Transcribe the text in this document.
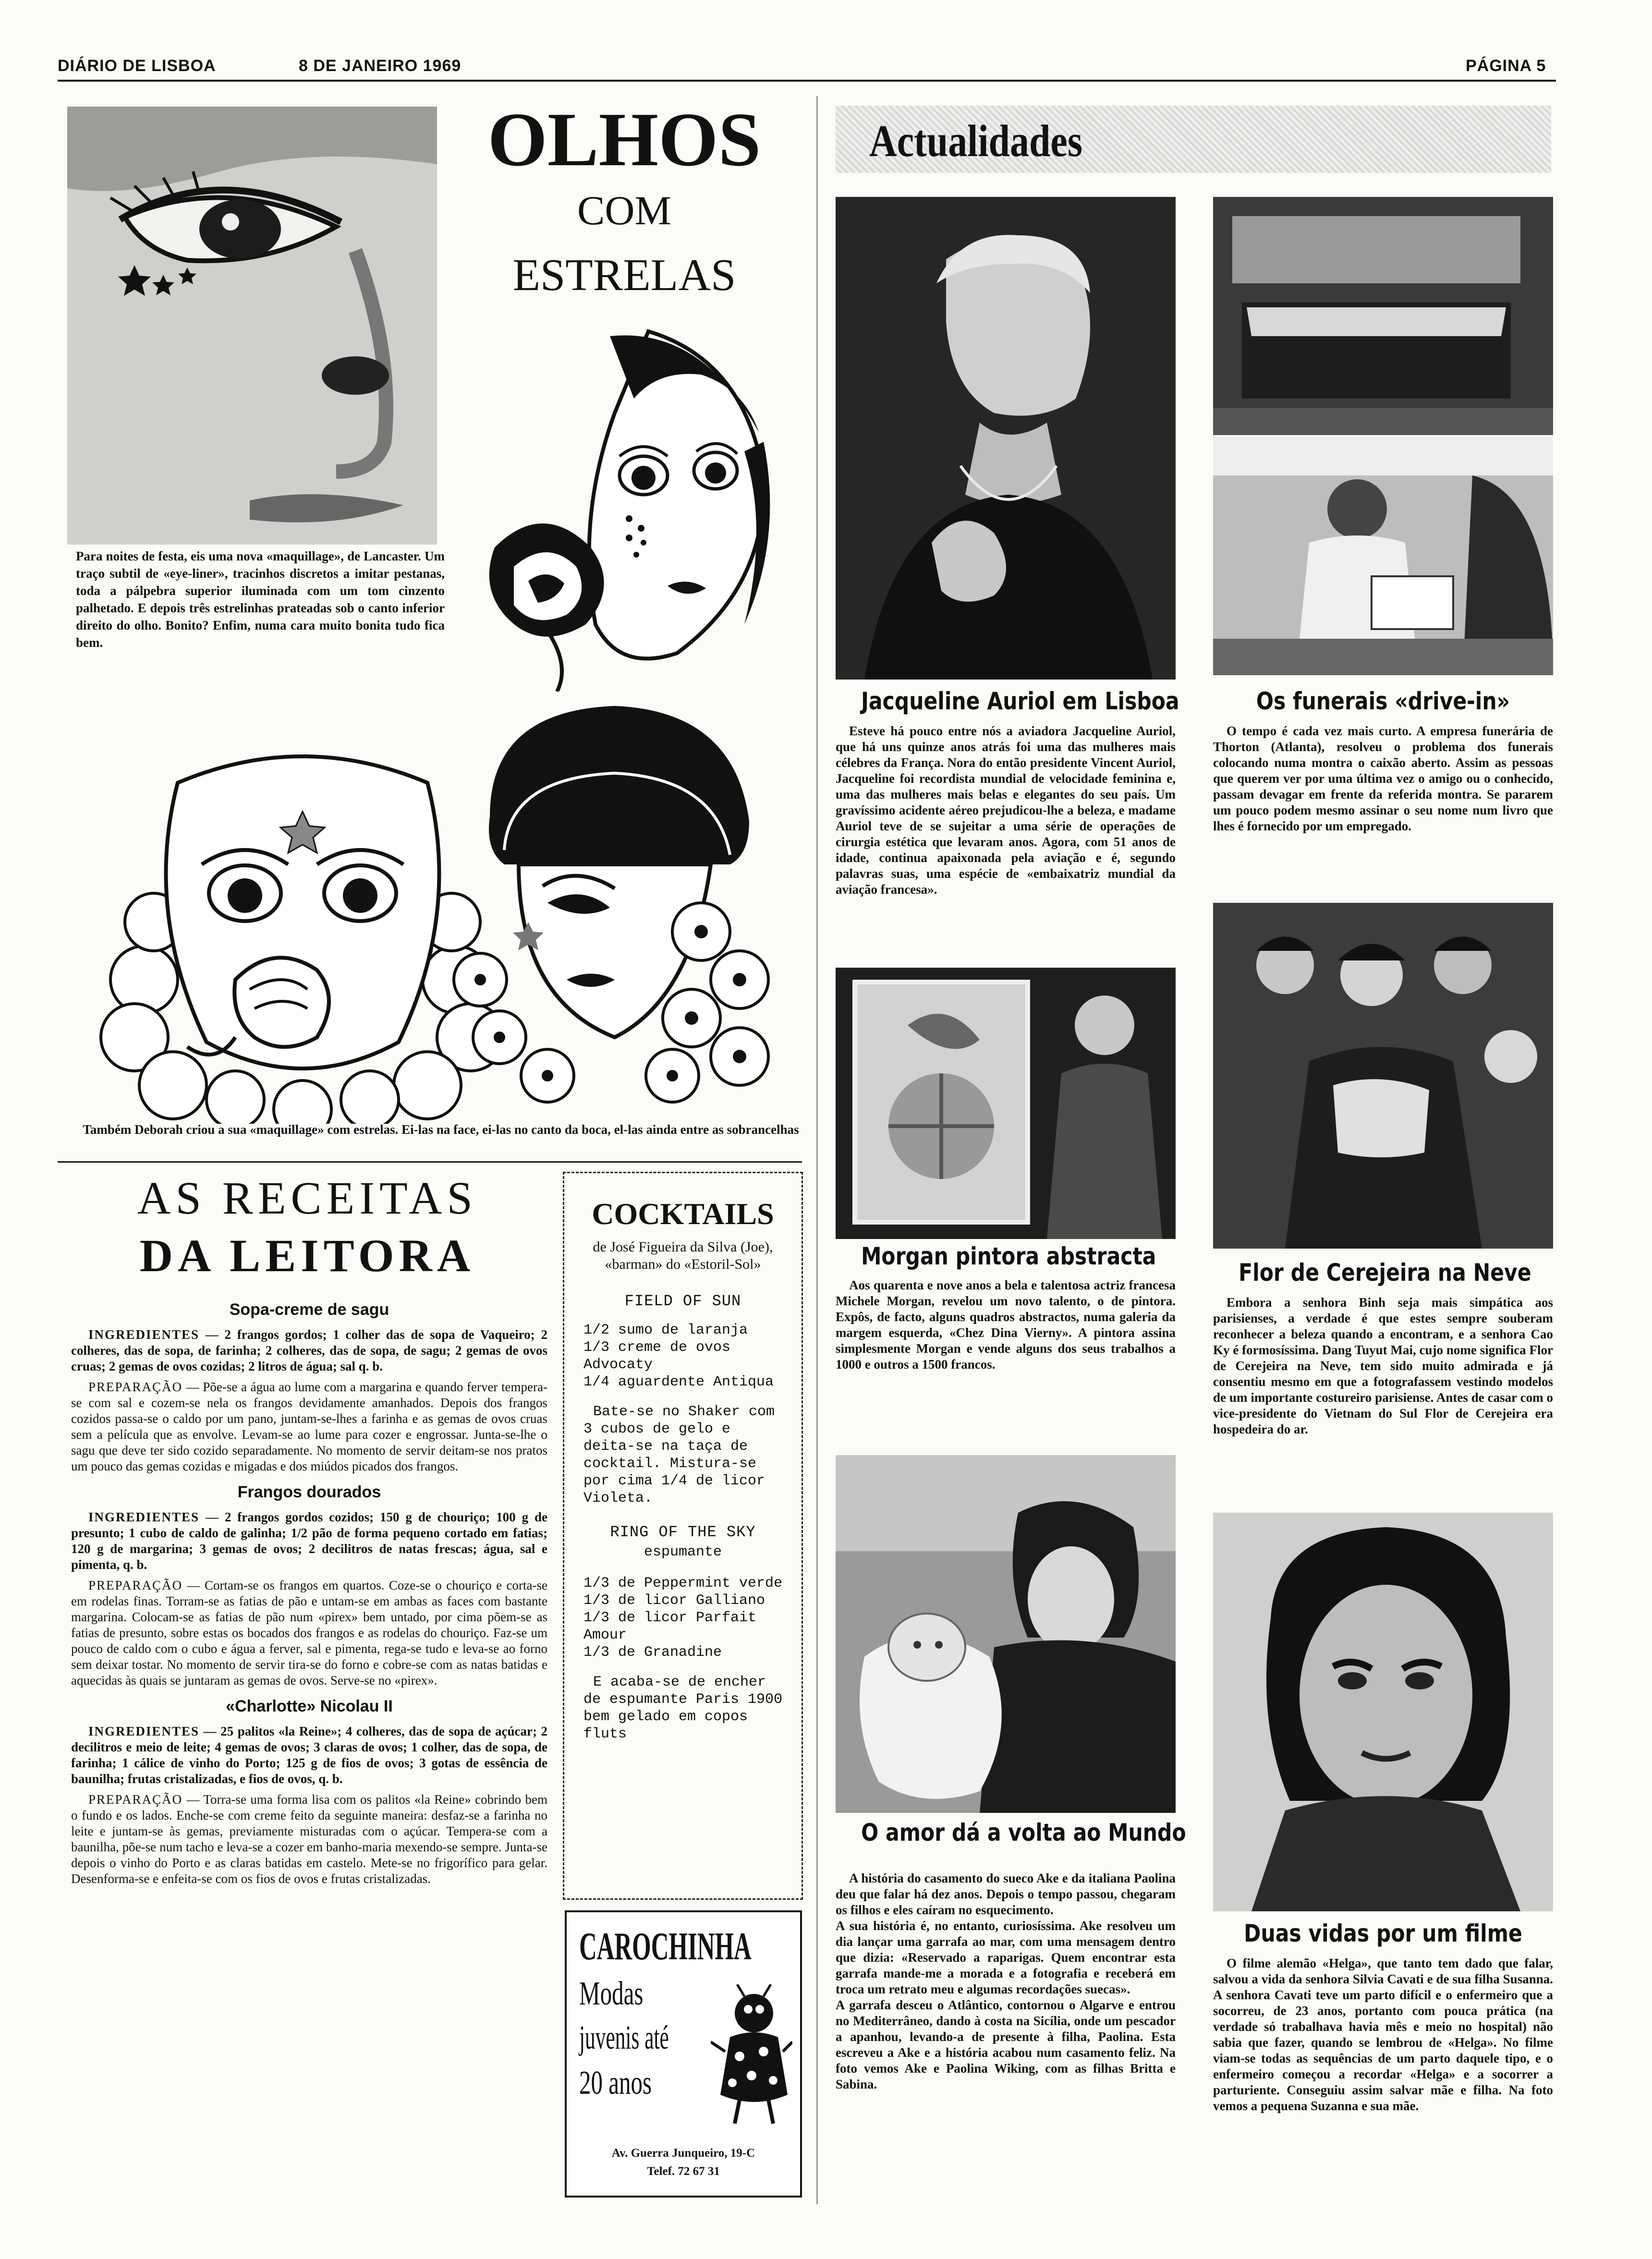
DIÁRIO DE LISBOA	8 DE JANEIRO 1969	PÁGINA 5
Para noites de festa, eis uma nova «maquillage», de Lancaster. Um traço subtil de «eye-liner», tracinhos discretos a imitar pestanas, toda a pálpebra superior iluminada com um tom cinzento palhetado. E depois três estrelinhas prateadas sob o canto inferior direito do olho. Bonito? Enfim, numa cara muito bonita tudo fica bem.
OLHOS
COM
ESTRELAS
Também Deborah criou a sua «maquillage» com estrelas. Ei-las na face, ei-las no canto da boca, el-las ainda entre as sobrancelhas
AS RECEITAS
DA LEITORA
Sopa-creme de sagu

INGREDIENTES — 2 frangos gordos; 1 colher das de sopa de Vaqueiro; 2 colheres, das de sopa, de farinha; 2 colheres, das de sopa, de sagu; 2 gemas de ovos cruas; 2 gemas de ovos cozidas; 2 litros de água; sal q. b.

PREPARAÇÃO — Põe-se a água ao lume com a margarina e quando ferver tempera-se com sal e cozem-se nela os frangos devidamente amanhados. Depois dos frangos cozidos passa-se o caldo por um pano, juntam-se-lhes a farinha e as gemas de ovos cruas sem a película que as envolve. Levam-se ao lume para cozer e engrossar. Junta-se-lhe o sagu que deve ter sido cozido separadamente. No momento de servir deitam-se nos pratos um pouco das gemas cozidas e migadas e dos miúdos picados dos frangos.

Frangos dourados

INGREDIENTES — 2 frangos gordos cozidos; 150 g de chouriço; 100 g de presunto; 1 cubo de caldo de galinha; 1/2 pão de forma pequeno cortado em fatias; 120 g de margarina; 3 gemas de ovos; 2 decilitros de natas frescas; água, sal e pimenta, q. b.

PREPARAÇÃO — Cortam-se os frangos em quartos. Coze-se o chouriço e corta-se em rodelas finas. Torram-se as fatias de pão e untam-se em ambas as faces com bastante margarina. Colocam-se as fatias de pão num «pirex» bem untado, por cima põem-se as fatias de presunto, sobre estas os bocados dos frangos e as rodelas do chouriço. Faz-se um pouco de caldo com o cubo e água a ferver, sal e pimenta, rega-se tudo e leva-se ao forno sem deixar tostar. No momento de servir tira-se do forno e cobre-se com as natas batidas e aquecidas às quais se juntaram as gemas de ovos. Serve-se no «pirex».

«Charlotte» Nicolau II

INGREDIENTES — 25 palitos «la Reine»; 4 colheres, das de sopa de açúcar; 2 decilitros e meio de leite; 4 gemas de ovos; 3 claras de ovos; 1 colher, das de sopa, de farinha; 1 cálice de vinho do Porto; 125 g de fios de ovos; 3 gotas de essência de baunilha; frutas cristalizadas, e fios de ovos, q. b.

PREPARAÇÃO — Torra-se uma forma lisa com os palitos «la Reine» cobrindo bem o fundo e os lados. Enche-se com creme feito da seguinte maneira: desfaz-se a farinha no leite e juntam-se às gemas, previamente misturadas com o açúcar. Tempera-se com a baunilha, põe-se num tacho e leva-se a cozer em banho-maria mexendo-se sempre. Junta-se depois o vinho do Porto e as claras batidas em castelo. Mete-se no frigorífico para gelar. Desenforma-se e enfeita-se com os fios de ovos e frutas cristalizadas.

COCKTAILS
de José Figueira da Silva (Joe), «barman» do «Estoril-Sol»
FIELD OF SUN
1/2 sumo de laranja
1/3 creme de ovos Advocaty
1/4 aguardente Antiqua
Bate-se no Shaker com 3 cubos de gelo e deita-se na taça de cocktail. Mistura-se por cima 1/4 de licor Violeta.
RING OF THE SKY
espumante
1/3 de Peppermint verde
1/3 de licor Galliano
1/3 de licor Parfait Amour
1/3 de Granadine
E acaba-se de encher de espumante Paris 1900 bem gelado em copos fluts
CAROCHINHA
Modas
juvenis até
20 anos
Av. Guerra Junqueiro, 19-C
Telef. 72 67 31
Actualidades
Jacqueline Auriol em Lisboa

Esteve há pouco entre nós a aviadora Jacqueline Auriol, que há uns quinze anos atrás foi uma das mulheres mais célebres da França. Nora do então presidente Vincent Auriol, Jacqueline foi recordista mundial de velocidade feminina e, uma das mulheres mais belas e elegantes do seu país. Um gravíssimo acidente aéreo prejudicou-lhe a beleza, e madame Auriol teve de se sujeitar a uma série de operações de cirurgia estética que levaram anos. Agora, com 51 anos de idade, continua apaixonada pela aviação e é, segundo palavras suas, uma espécie de «embaixatriz mundial da aviação francesa».

Os funerais «drive-in»

O tempo é cada vez mais curto. A empresa funerária de Thorton (Atlanta), resolveu o problema dos funerais colocando numa montra o caixão aberto. Assim as pessoas que querem ver por uma última vez o amigo ou o conhecido, passam devagar em frente da referida montra. Se pararem um pouco podem mesmo assinar o seu nome num livro que lhes é fornecido por um empregado.

Morgan pintora abstracta

Aos quarenta e nove anos a bela e talentosa actriz francesa Michele Morgan, revelou um novo talento, o de pintora. Expôs, de facto, alguns quadros abstractos, numa galeria da margem esquerda, «Chez Dina Vierny». A pintora assina simplesmente Morgan e vende alguns dos seus trabalhos a 1000 e outros a 1500 francos.

O amor dá a volta ao Mundo

A história do casamento do sueco Ake e da italiana Paolina deu que falar há dez anos. Depois o tempo passou, chegaram os filhos e eles caíram no esquecimento.
A sua história é, no entanto, curiosíssima. Ake resolveu um dia lançar uma garrafa ao mar, com uma mensagem dentro que dizia: «Reservado a raparigas. Quem encontrar esta garrafa mande-me a morada e a fotografia e receberá em troca um retrato meu e algumas recordações suecas».
A garrafa desceu o Atlântico, contornou o Algarve e entrou no Mediterrâneo, dando à costa na Sicília, onde um pescador a apanhou, levando-a de presente à filha, Paolina. Esta escreveu a Ake e a história acabou num casamento feliz. Na foto vemos Ake e Paolina Wiking, com as filhas Britta e Sabina.

Flor de Cerejeira na Neve

Embora a senhora Binh seja mais simpática aos parisienses, a verdade é que estes sempre souberam reconhecer a beleza quando a encontram, e a senhora Cao Ky é formosíssima. Dang Tuyut Mai, cujo nome significa Flor de Cerejeira na Neve, tem sido muito admirada e já consentiu mesmo em que a fotografassem vestindo modelos de um importante costureiro parisiense. Antes de casar com o vice-presidente do Vietnam do Sul Flor de Cerejeira era hospedeira do ar.

Duas vidas por um filme

O filme alemão «Helga», que tanto tem dado que falar, salvou a vida da senhora Silvia Cavati e de sua filha Susanna. A senhora Cavati teve um parto difícil e o enfermeiro que a socorreu, de 23 anos, portanto com pouca prática (na verdade só trabalhava havia mês e meio no hospital) não sabia que fazer, quando se lembrou de «Helga». No filme viam-se todas as sequências de um parto daquele tipo, e o enfermeiro começou a recordar «Helga» e a socorrer a parturiente. Conseguiu assim salvar mãe e filha. Na foto vemos a pequena Suzanna e sua mãe.
